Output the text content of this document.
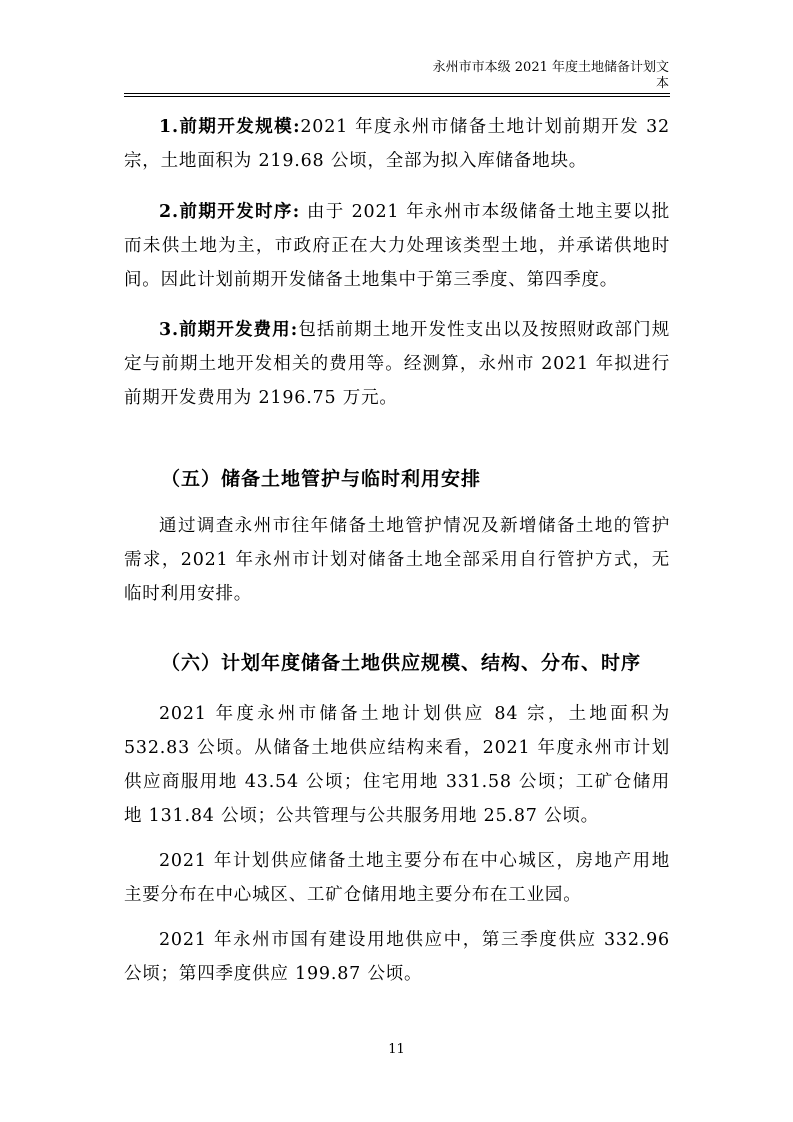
永州市市本级 2021 年度土地储备计划文
本

1.前期开发规模:2021 年度永州市储备土地计划前期开发 32 宗，土地面积为 219.68 公顷，全部为拟入库储备地块。

2.前期开发时序: 由于 2021 年永州市本级储备土地主要以批而未供土地为主，市政府正在大力处理该类型土地，并承诺供地时间。因此计划前期开发储备土地集中于第三季度、第四季度。

3.前期开发费用:包括前期土地开发性支出以及按照财政部门规定与前期土地开发相关的费用等。经测算，永州市 2021 年拟进行前期开发费用为 2196.75 万元。

（五）储备土地管护与临时利用安排

通过调查永州市往年储备土地管护情况及新增储备土地的管护需求，2021 年永州市计划对储备土地全部采用自行管护方式，无临时利用安排。

（六）计划年度储备土地供应规模、结构、分布、时序

2021 年度永州市储备土地计划供应 84 宗，土地面积为 532.83 公顷。从储备土地供应结构来看，2021 年度永州市计划供应商服用地 43.54 公顷；住宅用地 331.58 公顷；工矿仓储用地 131.84 公顷；公共管理与公共服务用地 25.87 公顷。

2021 年计划供应储备土地主要分布在中心城区，房地产用地主要分布在中心城区、工矿仓储用地主要分布在工业园。

2021 年永州市国有建设用地供应中，第三季度供应 332.96 公顷；第四季度供应 199.87 公顷。

11
